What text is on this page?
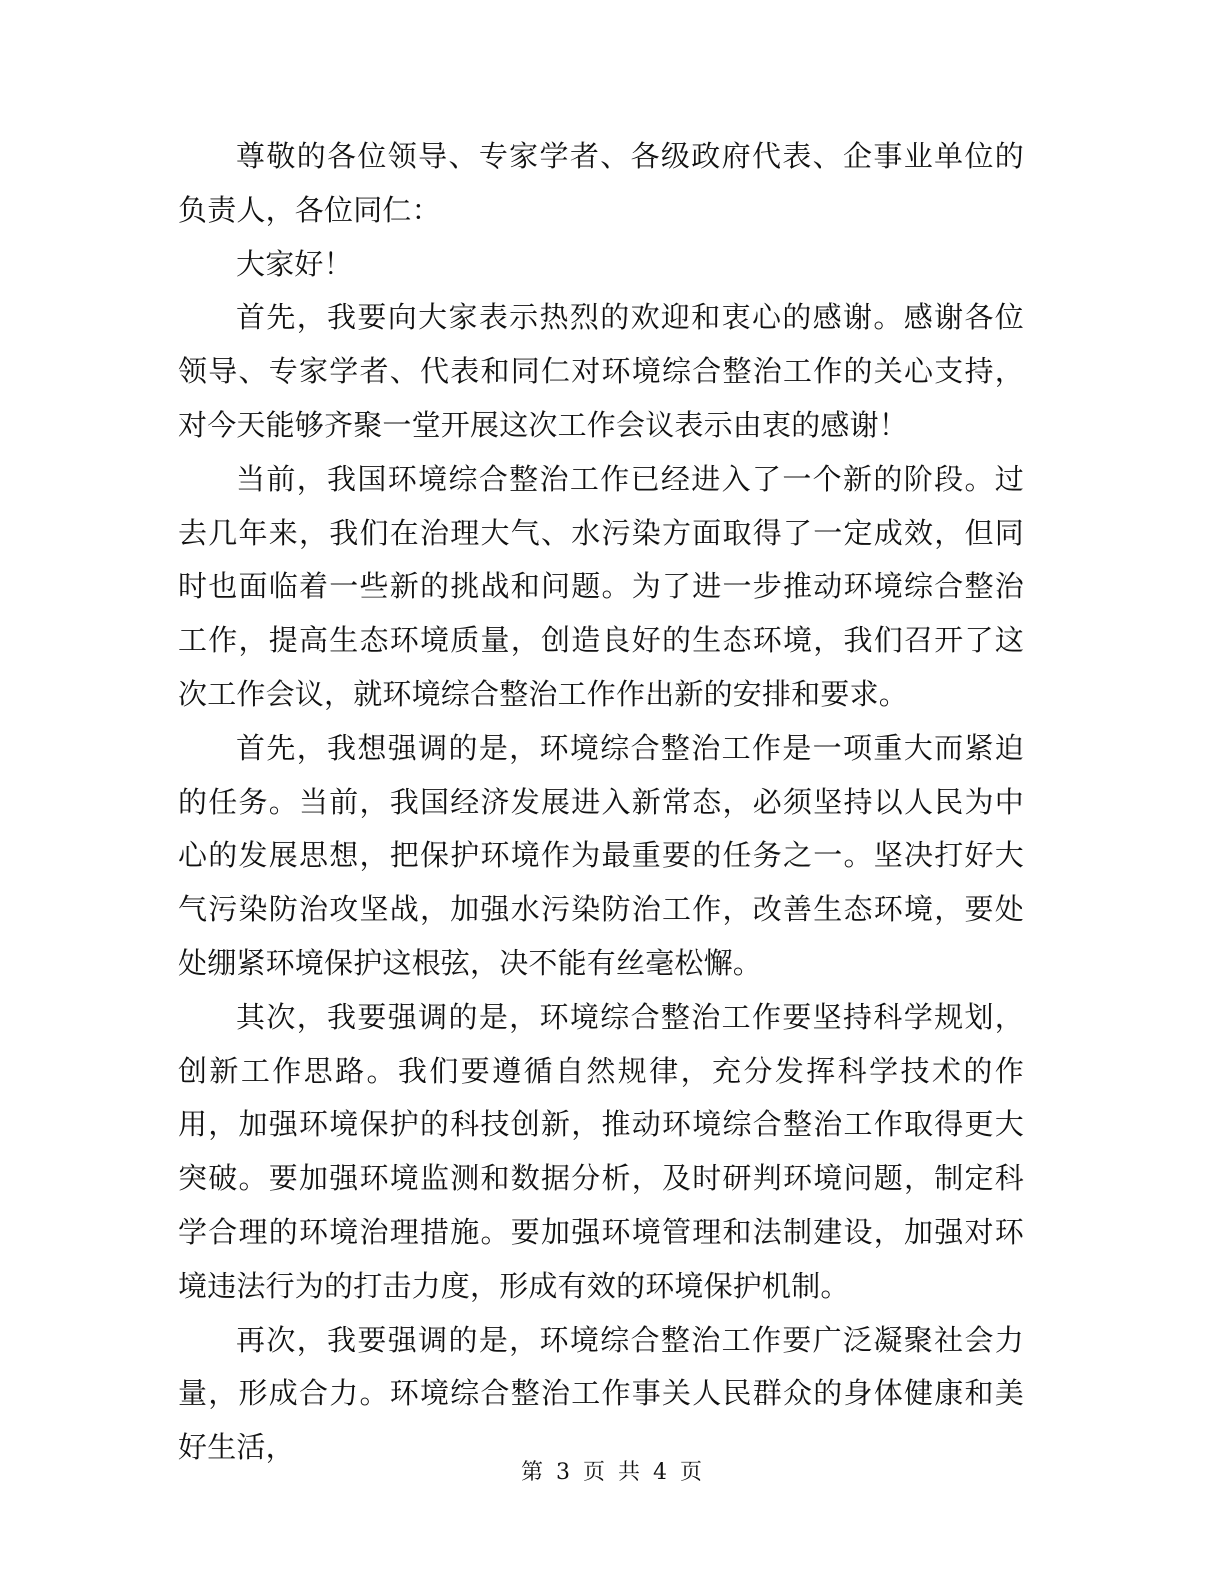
尊敬的各位领导、专家学者、各级政府代表、企事业单位的负责人，各位同仁：

大家好！

首先，我要向大家表示热烈的欢迎和衷心的感谢。感谢各位领导、专家学者、代表和同仁对环境综合整治工作的关心支持，对今天能够齐聚一堂开展这次工作会议表示由衷的感谢！

当前，我国环境综合整治工作已经进入了一个新的阶段。过去几年来，我们在治理大气、水污染方面取得了一定成效，但同时也面临着一些新的挑战和问题。为了进一步推动环境综合整治工作，提高生态环境质量，创造良好的生态环境，我们召开了这次工作会议，就环境综合整治工作作出新的安排和要求。

首先，我想强调的是，环境综合整治工作是一项重大而紧迫的任务。当前，我国经济发展进入新常态，必须坚持以人民为中心的发展思想，把保护环境作为最重要的任务之一。坚决打好大气污染防治攻坚战，加强水污染防治工作，改善生态环境，要处处绷紧环境保护这根弦，决不能有丝毫松懈。

其次，我要强调的是，环境综合整治工作要坚持科学规划，创新工作思路。我们要遵循自然规律，充分发挥科学技术的作用，加强环境保护的科技创新，推动环境综合整治工作取得更大突破。要加强环境监测和数据分析，及时研判环境问题，制定科学合理的环境治理措施。要加强环境管理和法制建设，加强对环境违法行为的打击力度，形成有效的环境保护机制。

再次，我要强调的是，环境综合整治工作要广泛凝聚社会力量，形成合力。环境综合整治工作事关人民群众的身体健康和美好生活，

第 3 页 共 4 页
